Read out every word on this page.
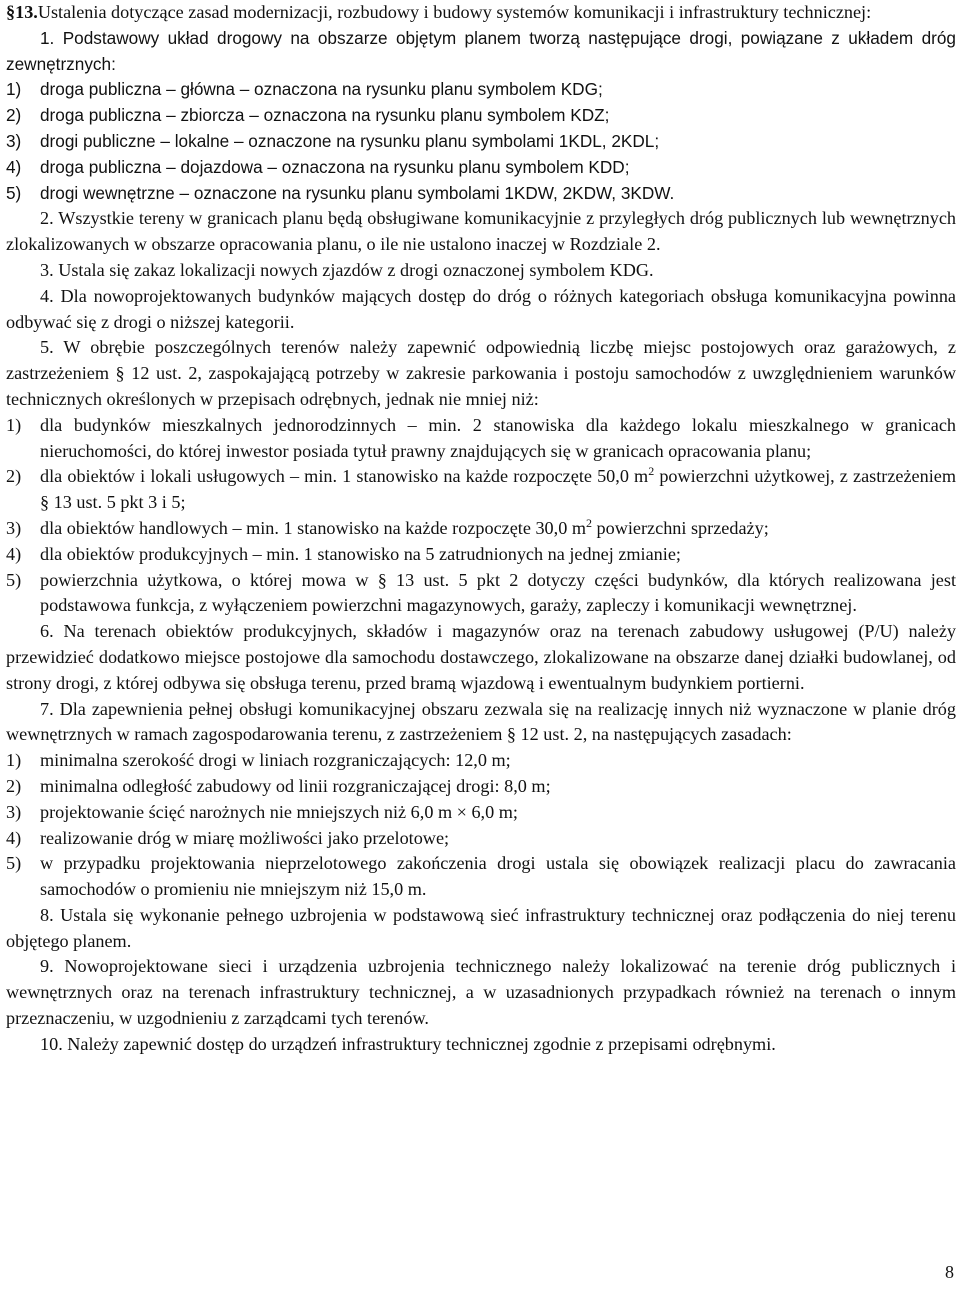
§13.Ustalenia dotyczące zasad modernizacji, rozbudowy i budowy systemów komunikacji i infrastruktury technicznej:

1. Podstawowy układ drogowy na obszarze objętym planem tworzą następujące drogi, powiązane z układem dróg zewnętrznych:

1)	droga publiczna – główna – oznaczona na rysunku planu symbolem KDG;
2)	droga publiczna – zbiorcza – oznaczona na rysunku planu symbolem KDZ;
3)	drogi publiczne – lokalne – oznaczone na rysunku planu symbolami 1KDL, 2KDL;
4)	droga publiczna – dojazdowa – oznaczona na rysunku planu symbolem KDD;
5)	drogi wewnętrzne – oznaczone na rysunku planu symbolami 1KDW, 2KDW, 3KDW.

2. Wszystkie tereny w granicach planu będą obsługiwane komunikacyjnie z przyległych dróg publicznych lub wewnętrznych zlokalizowanych w obszarze opracowania planu, o ile nie ustalono inaczej w Rozdziale 2.

3. Ustala się zakaz lokalizacji nowych zjazdów z drogi oznaczonej symbolem KDG.

4. Dla nowoprojektowanych budynków mających dostęp do dróg o różnych kategoriach obsługa komunikacyjna powinna odbywać się z drogi o niższej kategorii.

5. W obrębie poszczególnych terenów należy zapewnić odpowiednią liczbę miejsc postojowych oraz garażowych, z zastrzeżeniem § 12 ust. 2, zaspokajającą potrzeby w zakresie parkowania i postoju samochodów z uwzględnieniem warunków technicznych określonych w przepisach odrębnych, jednak nie mniej niż:

1)	dla budynków mieszkalnych jednorodzinnych – min. 2 stanowiska dla każdego lokalu mieszkalnego w granicach nieruchomości, do której inwestor posiada tytuł prawny znajdujących się w granicach opracowania planu;
2)	dla obiektów i lokali usługowych – min. 1 stanowisko na każde rozpoczęte 50,0 $m^2$ powierzchni użytkowej, z zastrzeżeniem § 13 ust. 5 pkt 3 i 5;
3)	dla obiektów handlowych – min. 1 stanowisko na każde rozpoczęte 30,0 $m^2$ powierzchni sprzedaży;
4)	dla obiektów produkcyjnych – min. 1 stanowisko na 5 zatrudnionych na jednej zmianie;
5)	powierzchnia użytkowa, o której mowa w § 13 ust. 5 pkt 2 dotyczy części budynków, dla których realizowana jest podstawowa funkcja, z wyłączeniem powierzchni magazynowych, garaży, zapleczy i komunikacji wewnętrznej.

6. Na terenach obiektów produkcyjnych, składów i magazynów oraz na terenach zabudowy usługowej (P/U) należy przewidzieć dodatkowo miejsce postojowe dla samochodu dostawczego, zlokalizowane na obszarze danej działki budowlanej, od strony drogi, z której odbywa się obsługa terenu, przed bramą wjazdową i ewentualnym budynkiem portierni.

7. Dla zapewnienia pełnej obsługi komunikacyjnej obszaru zezwala się na realizację innych niż wyznaczone w planie dróg wewnętrznych w ramach zagospodarowania terenu, z zastrzeżeniem § 12 ust. 2, na następujących zasadach:

1)	minimalna szerokość drogi w liniach rozgraniczających: 12,0 m;
2)	minimalna odległość zabudowy od linii rozgraniczającej drogi: 8,0 m;
3)	projektowanie ścięć narożnych nie mniejszych niż 6,0 m × 6,0 m;
4)	realizowanie dróg w miarę możliwości jako przelotowe;
5)	w przypadku projektowania nieprzelotowego zakończenia drogi ustala się obowiązek realizacji placu do zawracania samochodów o promieniu nie mniejszym niż 15,0 m.

8. Ustala się wykonanie pełnego uzbrojenia w podstawową sieć infrastruktury technicznej oraz podłączenia do niej terenu objętego planem.

9. Nowoprojektowane sieci i urządzenia uzbrojenia technicznego należy lokalizować na terenie dróg publicznych i wewnętrznych oraz na terenach infrastruktury technicznej, a w uzasadnionych przypadkach również na terenach o innym przeznaczeniu, w uzgodnieniu z zarządcami tych terenów.

10. Należy zapewnić dostęp do urządzeń infrastruktury technicznej zgodnie z przepisami odrębnymi.

8
